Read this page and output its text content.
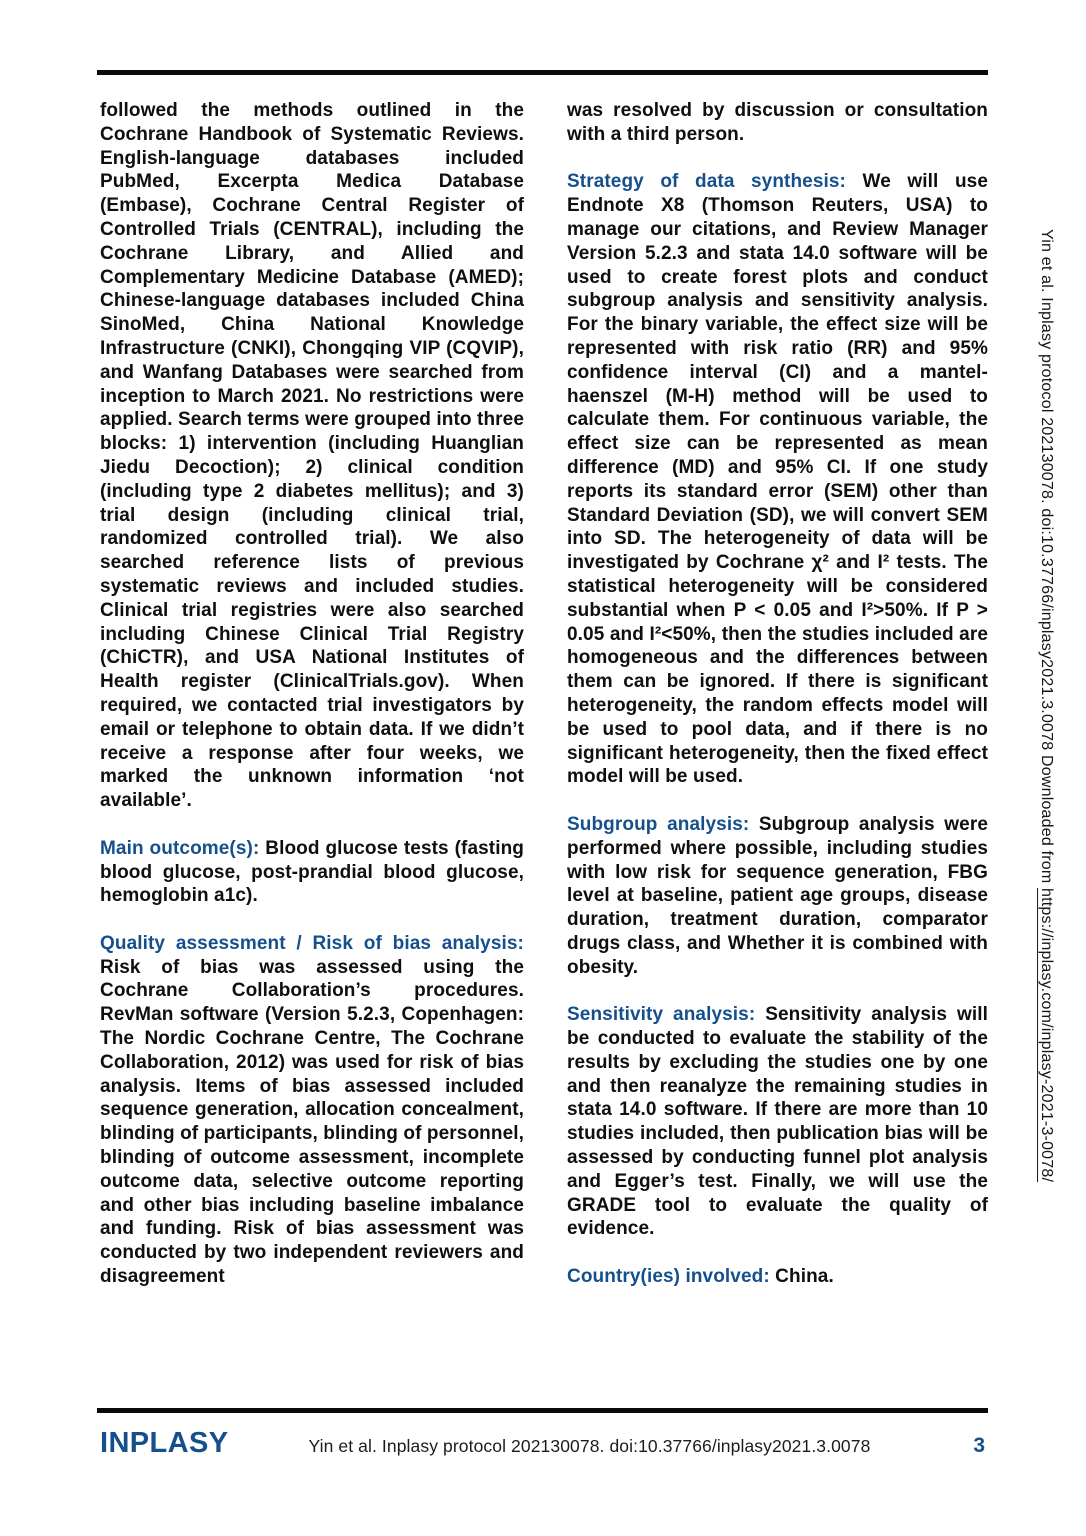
followed the methods outlined in the Cochrane Handbook of Systematic Reviews. English-language databases included PubMed, Excerpta Medica Database (Embase), Cochrane Central Register of Controlled Trials (CENTRAL), including the Cochrane Library, and Allied and Complementary Medicine Database (AMED); Chinese-language databases included China SinoMed, China National Knowledge Infrastructure (CNKI), Chongqing VIP (CQVIP), and Wanfang Databases were searched from inception to March 2021. No restrictions were applied. Search terms were grouped into three blocks: 1) intervention (including Huanglian Jiedu Decoction); 2) clinical condition (including type 2 diabetes mellitus); and 3) trial design (including clinical trial, randomized controlled trial). We also searched reference lists of previous systematic reviews and included studies. Clinical trial registries were also searched including Chinese Clinical Trial Registry (ChiCTR), and USA National Institutes of Health register (ClinicalTrials.gov). When required, we contacted trial investigators by email or telephone to obtain data. If we didn’t receive a response after four weeks, we marked the unknown information ‘not available’.

Main outcome(s): Blood glucose tests (fasting blood glucose, post-prandial blood glucose, hemoglobin a1c).

Quality assessment / Risk of bias analysis: Risk of bias was assessed using the Cochrane Collaboration’s procedures. RevMan software (Version 5.2.3, Copenhagen: The Nordic Cochrane Centre, The Cochrane Collaboration, 2012) was used for risk of bias analysis. Items of bias assessed included sequence generation, allocation concealment, blinding of participants, blinding of personnel, blinding of outcome assessment, incomplete outcome data, selective outcome reporting and other bias including baseline imbalance and funding. Risk of bias assessment was conducted by two independent reviewers and disagreement

was resolved by discussion or consultation with a third person.

Strategy of data synthesis: We will use Endnote X8 (Thomson Reuters, USA) to manage our citations, and Review Manager Version 5.2.3 and stata 14.0 software will be used to create forest plots and conduct subgroup analysis and sensitivity analysis. For the binary variable, the effect size will be represented with risk ratio (RR) and 95% confidence interval (CI) and a mantel-haenszel (M-H) method will be used to calculate them. For continuous variable, the effect size can be represented as mean difference (MD) and 95% CI. If one study reports its standard error (SEM) other than Standard Deviation (SD), we will convert SEM into SD. The heterogeneity of data will be investigated by Cochrane χ² and I² tests. The statistical heterogeneity will be considered substantial when P < 0.05 and I²>50%. If P > 0.05 and I²<50%, then the studies included are homogeneous and the differences between them can be ignored. If there is significant heterogeneity, the random effects model will be used to pool data, and if there is no significant heterogeneity, then the fixed effect model will be used.

Subgroup analysis: Subgroup analysis were performed where possible, including studies with low risk for sequence generation, FBG level at baseline, patient age groups, disease duration, treatment duration, comparator drugs class, and Whether it is combined with obesity.

Sensitivity analysis: Sensitivity analysis will be conducted to evaluate the stability of the results by excluding the studies one by one and then reanalyze the remaining studies in stata 14.0 software. If there are more than 10 studies included, then publication bias will be assessed by conducting funnel plot analysis and Egger’s test. Finally, we will use the GRADE tool to evaluate the quality of evidence.

Country(ies) involved: China.

INPLASY	Yin et al. Inplasy protocol 202130078. doi:10.37766/inplasy2021.3.0078	3
Yin et al. Inplasy protocol 202130078. doi:10.37766/inplasy2021.3.0078 Downloaded from https://inplasy.com/inplasy-2021-3-0078/
